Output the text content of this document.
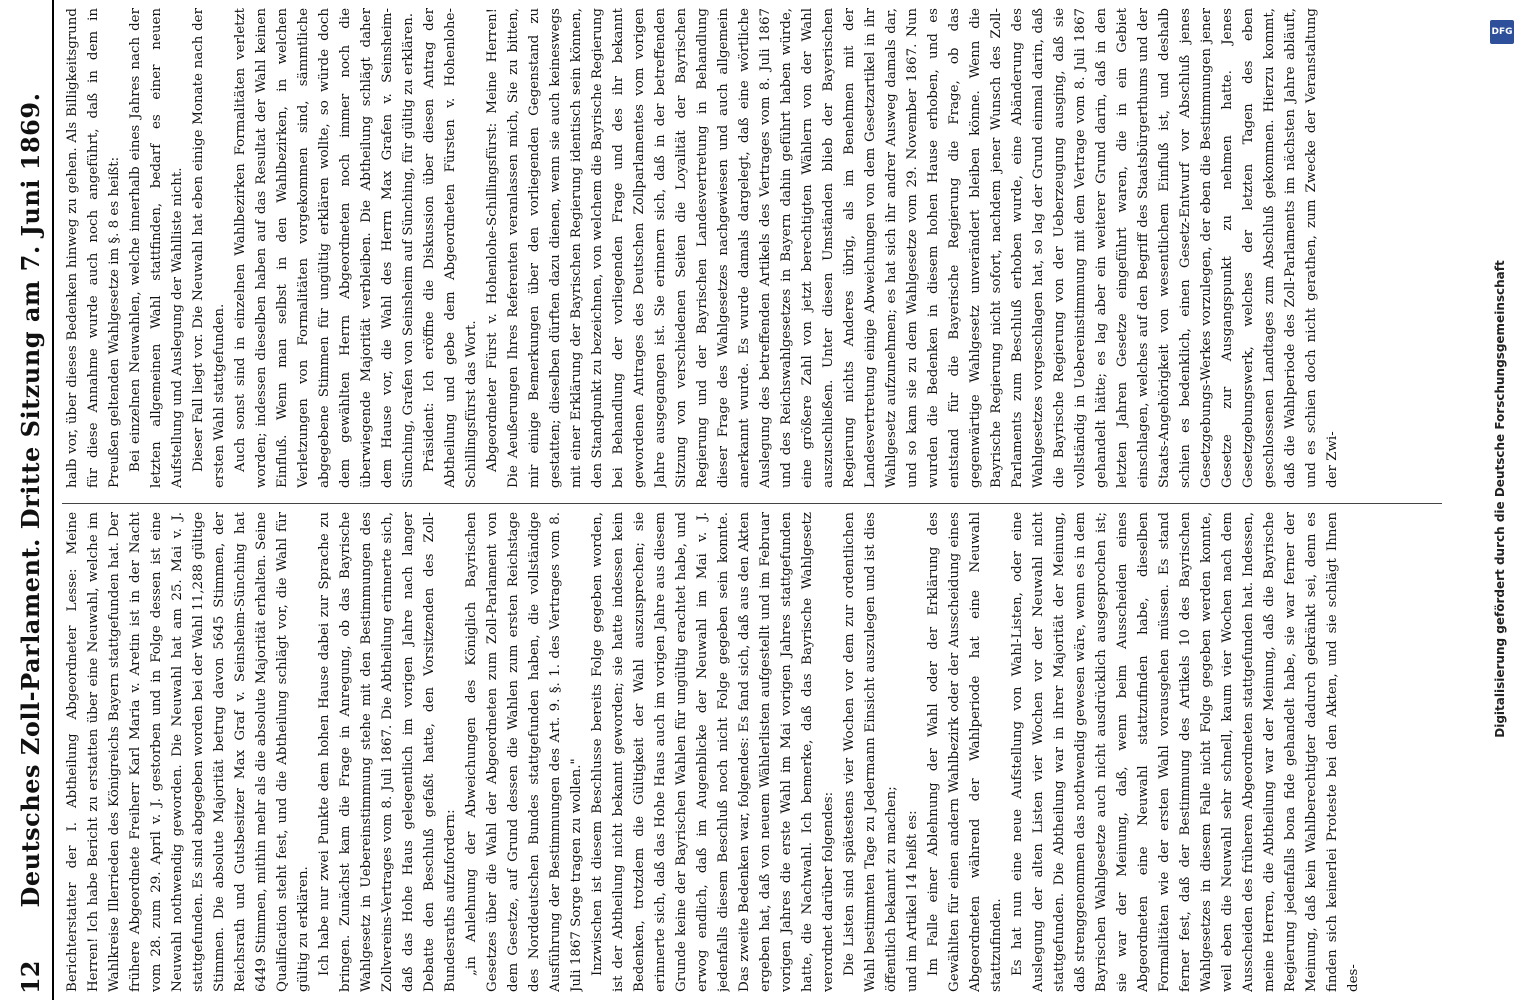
12
Deutsches Zoll-Parlament. Dritte Sitzung am 7. Juni 1869. Berichterstatter der I. Abtheilung Abgeordneter Lesse: Meine Herren! Ich habe Bericht zu erstatten über eine Neuwahl, welche im Wahlkreise Illerrieden des Königreichs Bayern stattgefunden hat. Der frühere Abgeordnete Freiherr Karl Maria v. Aretin ist in der Nacht vom 28. zum 29. April v. J. gestorben und in Folge dessen ist eine Neuwahl nothwendig geworden. Die Neuwahl hat am 25. Mai v. J. stattgefunden. Es sind abgegeben worden bei der Wahl 11,288 gültige Stimmen. Die absolute Majorität betrug davon 5645 Stimmen, der Reichsrath und Gutsbesitzer Max Graf v. Seinsheim-Sünching hat 6449 Stimmen, mithin mehr als die absolute Majorität erhalten. Seine Qualification steht fest, und die Abtheilung schlägt vor, die Wahl für gültig zu erklären. Ich habe nur zwei Punkte dem hohen Hause dabei zur Sprache zu bringen. Zunächst kam die Frage in Anregung, ob das Bayrische Wahlgesetz in Uebereinstimmung stehe mit den Bestimmungen des Zollvereins-Vertrages vom 8. Juli 1867. Die Abtheilung erinnerte sich, daß das Hohe Haus gelegentlich im vorigen Jahre nach langer Debatte den Beschluß gefaßt hatte, den Vorsitzenden des Zoll-Bundesraths aufzufordern: „in Anlehnung der Abweichungen des Königlich Bayrischen Gesetzes über die Wahl der Abgeordneten zum Zoll-Parlament von dem Gesetze, auf Grund dessen die Wahlen zum ersten Reichstage des Norddeutschen Bundes stattgefunden haben, die vollständige Ausführung der Bestimmungen des Art. 9. §. 1. des Vertrages vom 8. Juli 1867 Sorge tragen zu wollen." Inzwischen ist diesem Beschlusse bereits Folge gegeben worden, ist der Abtheilung nicht bekannt geworden; sie hatte indessen kein Bedenken, trotzdem die Gültigkeit der Wahl auszusprechen; sie erinnerte sich, daß das Hohe Haus auch im vorigen Jahre aus diesem Grunde keine der Bayrischen Wahlen für ungültig erachtet habe, und erwog endlich, daß im Augenblicke der Neuwahl im Mai v. J. jedenfalls diesem Beschluß noch nicht Folge gegeben sein konnte. Das zweite Bedenken war, folgendes: Es fand sich, daß aus den Akten ergeben hat, daß von neuem Wählerlisten aufgestellt und im Februar vorigen Jahres die erste Wahl im Mai vorigen Jahres stattgefunden hatte, die Nachwahl. Ich bemerke, daß das Bayrische Wahlgesetz verordnet darüber folgendes: Die Listen sind spätestens vier Wochen vor dem zur ordentlichen Wahl bestimmten Tage zu Jedermann Einsicht auszulegen und ist dies öffentlich bekannt zu machen; und im Artikel 14 heißt es: Im Falle einer Ablehnung der Wahl oder der Erklärung des Gewählten für einen andern Wahlbezirk oder der Ausscheidung eines Abgeordneten während der Wahlperiode hat eine Neuwahl stattzufinden. Es hat nun eine neue Aufstellung von Wahl-Listen, oder eine Auslegung der alten Listen vier Wochen vor der Neuwahl nicht stattgefunden. Die Abtheilung war in ihrer Majorität der Meinung, daß strenggenommen das nothwendig gewesen wäre, wenn es in dem Bayrischen Wahlgesetze auch nicht ausdrücklich ausgesprochen ist; sie war der Meinung, daß, wenn beim Ausscheiden eines Abgeordneten eine Neuwahl stattzufinden habe, dieselben Formalitäten wie der ersten Wahl vorausgehen müssen. Es stand ferner fest, daß der Bestimmung des Artikels 10 des Bayrischen Wahlgesetzes in diesem Falle nicht Folge gegeben werden konnte, weil eben die Neuwahl sehr schnell, kaum vier Wochen nach dem Ausscheiden des früheren Abgeordneten stattgefunden hat. Indessen, meine Herren, die Abtheilung war der Meinung, daß die Bayrische Regierung jedenfalls bona fide gehandelt habe, sie war ferner der Meinung, daß kein Wahlberechtigter dadurch gekränkt sei, denn es finden sich keinerlei Proteste bei den Akten, und sie schlägt Ihnen des-

halb vor, über dieses Bedenken hinweg zu gehen. Als Billigkeitsgrund für diese Annahme wurde auch noch angeführt, daß in dem in Preußen geltenden Wahlgesetze im §. 8 es heißt: Bei einzelnen Neuwahlen, welche innerhalb eines Jahres nach der letzten allgemeinen Wahl stattfinden, bedarf es einer neuen Aufstellung und Auslegung der Wahlliste nicht. Dieser Fall liegt vor. Die Neuwahl hat eben einige Monate nach der ersten Wahl stattgefunden. Auch sonst sind in einzelnen Wahlbezirken Formalitäten verletzt worden; indessen dieselben haben auf das Resultat der Wahl keinen Einfluß. Wenn man selbst in den Wahlbezirken, in welchen Verletzungen von Formalitäten vorgekommen sind, sämmtliche abgegebene Stimmen für ungültig erklären wollte, so würde doch dem gewählten Herrn Abgeordneten noch immer noch die überwiegende Majorität verbleiben. Die Abtheilung schlägt daher dem Hause vor, die Wahl des Herrn Max Grafen v. Seinsheim-Sünching, Grafen von Seinsheim auf Sünching, für gültig zu erklären. Präsident: Ich eröffne die Diskussion über diesen Antrag der Abtheilung und gebe dem Abgeordneten Fürsten v. Hohenlohe-Schillingsfürst das Wort. Abgeordneter Fürst v. Hohenlohe-Schillingsfürst: Meine Herren! Die Aeußerungen Ihres Referenten veranlassen mich, Sie zu bitten, mir einige Bemerkungen über den vorliegenden Gegenstand zu gestatten; dieselben dürften dazu dienen, wenn sie auch keineswegs mit einer Erklärung der Bayrischen Regierung identisch sein können, den Standpunkt zu bezeichnen, von welchem die Bayrische Regierung bei Behandlung der vorliegenden Frage und des ihr bekannt gewordenen Antrages des Deutschen Zollparlamentes vom vorigen Jahre ausgegangen ist. Sie erinnern sich, daß in der betreffenden Sitzung von verschiedenen Seiten die Loyalität der Bayrischen Regierung und der Bayrischen Landesvertretung in Behandlung dieser Frage des Wahlgesetzes nachgewiesen und auch allgemein anerkannt wurde. Es wurde damals dargelegt, daß eine wörtliche Auslegung des betreffenden Artikels des Vertrages vom 8. Juli 1867 und des Reichswahlgesetzes in Bayern dahin geführt haben würde, eine größere Zahl von jetzt berechtigten Wählern von der Wahl auszuschließen. Unter diesen Umständen blieb der Bayerischen Regierung nichts Anderes übrig, als im Benehmen mit der Landesvertretung einige Abweichungen von dem Gesetzartikel in ihr Wahlgesetz aufzunehmen; es hat sich ihr andrer Ausweg damals dar, und so kam sie zu dem Wahlgesetze vom 29. November 1867. Nun wurden die Bedenken in diesem hohen Hause erhoben, und es entstand für die Bayerische Regierung die Frage, ob das gegenwärtige Wahlgesetz unverändert bleiben könne. Wenn die Bayrische Regierung nicht sofort, nachdem jener Wunsch des Zoll-Parlaments zum Beschluß erhoben wurde, eine Abänderung des Wahlgesetzes vorgeschlagen hat, so lag der Grund einmal darin, daß die Bayrische Regierung von der Ueberzeugung ausging, daß sie vollständig in Uebereinstimmung mit dem Vertrage vom 8. Juli 1867 gehandelt hätte; es lag aber ein weiterer Grund darin, daß in den letzten Jahren Gesetze eingeführt waren, die in ein Gebiet einschlagen, welches auf den Begriff des Staatsbürgerthums und der Staats-Angehörigkeit von wesentlichem Einfluß ist, und deshalb schien es bedenklich, einen Gesetz-Entwurf vor Abschluß jenes Gesetzgebungs-Werkes vorzulegen, der eben die Bestimmungen jener Gesetze zur Ausgangspunkt zu nehmen hatte. Jenes Gesetzgebungswerk, welches der letzten Tagen des eben geschlossenen Landtages zum Abschluß gekommen. Hierzu kommt, daß die Wahlperiode des Zoll-Parlaments im nächsten Jahre abläuft, und es schien doch nicht gerathen, zum Zwecke der Veranstaltung der Zwi-

DFG
Digitalisierung gefördert durch die Deutsche Forschungsgemeinschaft
